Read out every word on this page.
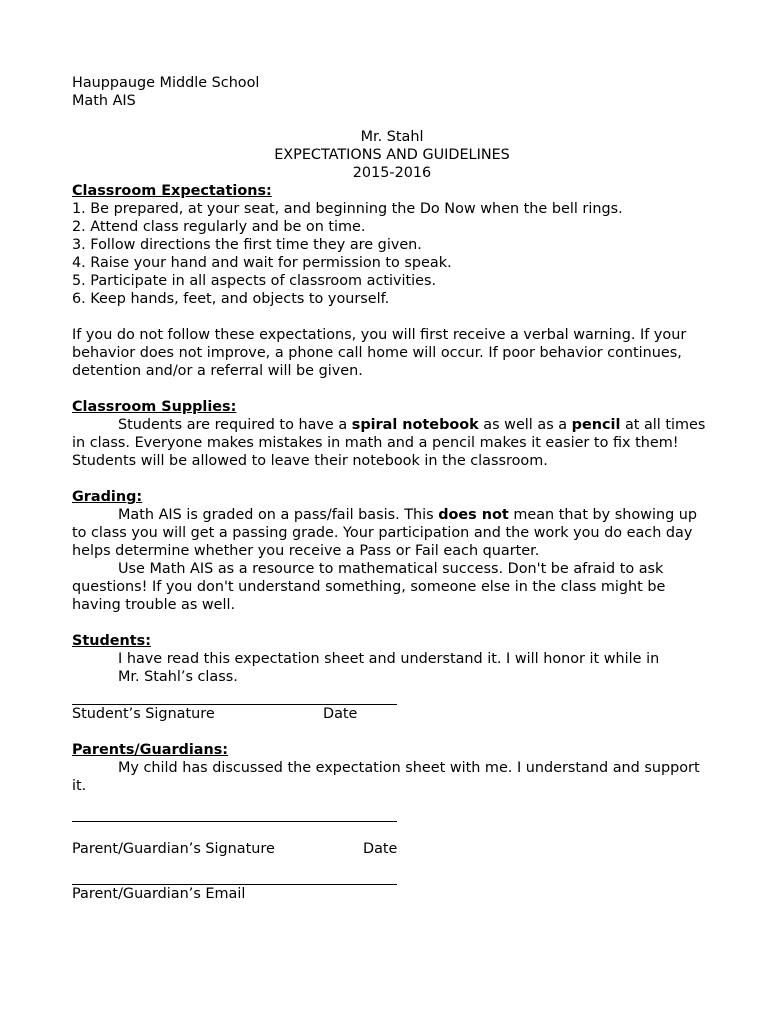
Hauppauge Middle School
Math AIS
Mr. Stahl
EXPECTATIONS AND GUIDELINES
2015-2016
Classroom Expectations:
1. Be prepared, at your seat, and beginning the Do Now when the bell rings.
2. Attend class regularly and be on time.
3. Follow directions the first time they are given.
4. Raise your hand and wait for permission to speak.
5. Participate in all aspects of classroom activities.
6. Keep hands, feet, and objects to yourself.
If you do not follow these expectations, you will first receive a verbal warning. If your behavior does not improve, a phone call home will occur. If poor behavior continues, detention and/or a referral will be given.
Classroom Supplies:
Students are required to have a spiral notebook as well as a pencil at all times in class. Everyone makes mistakes in math and a pencil makes it easier to fix them! Students will be allowed to leave their notebook in the classroom.
Grading:
Math AIS is graded on a pass/fail basis. This does not mean that by showing up to class you will get a passing grade. Your participation and the work you do each day helps determine whether you receive a Pass or Fail each quarter.
Use Math AIS as a resource to mathematical success. Don't be afraid to ask questions! If you don't understand something, someone else in the class might be having trouble as well.
Students:
I have read this expectation sheet and understand it. I will honor it while in
Mr. Stahl’s class.
Student’s Signature	Date
Parents/Guardians:
My child has discussed the expectation sheet with me. I understand and support it.
Parent/Guardian’s Signature	Date
Parent/Guardian’s Email
